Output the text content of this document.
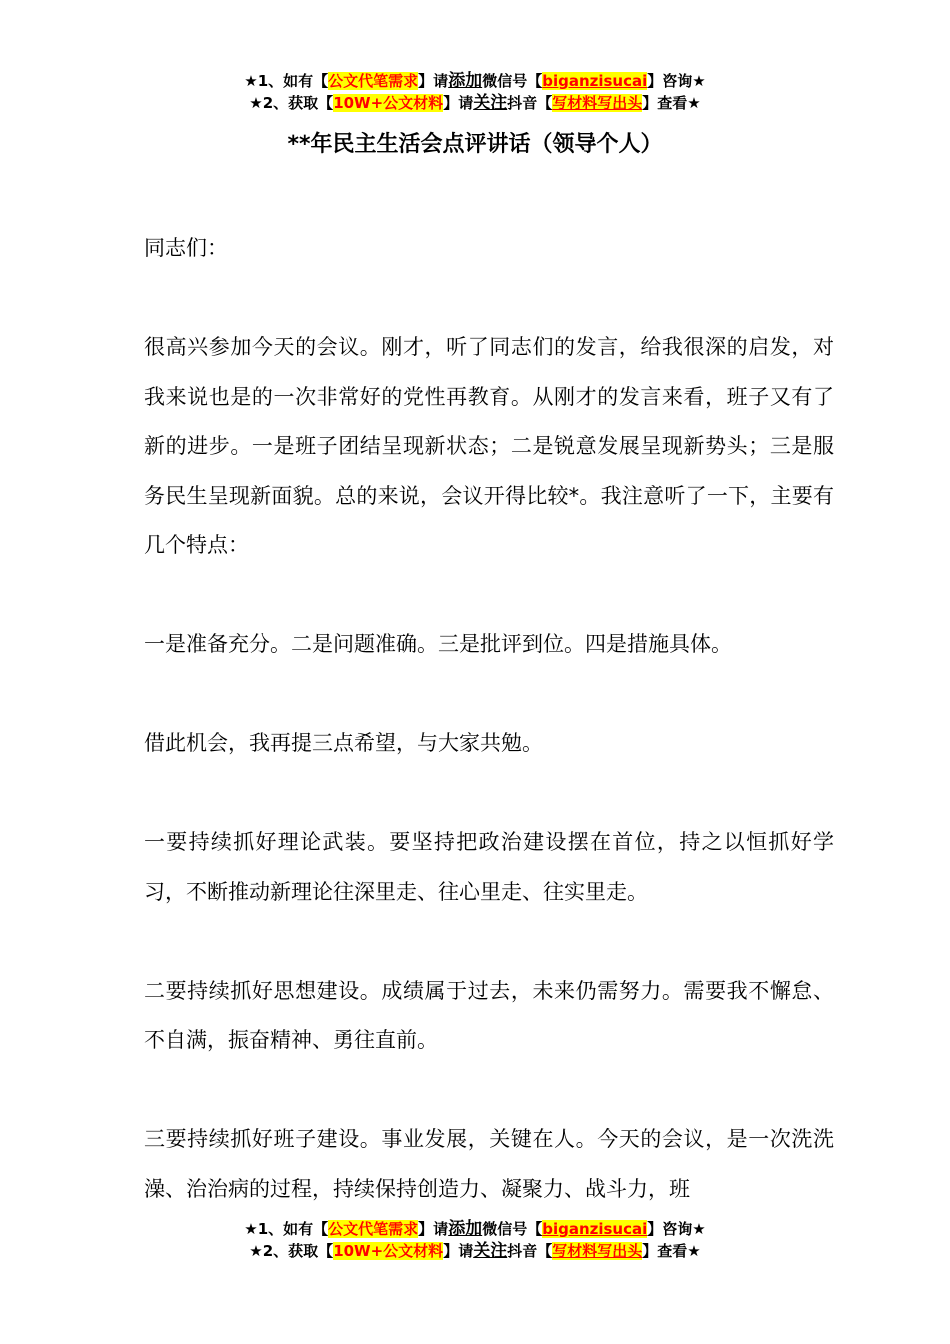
★1、如有【公文代笔需求】请添加微信号【biganzisucai】咨询★
★2、获取【10W+公文材料】请关注抖音【写材料写出头】查看★
**年民主生活会点评讲话（领导个人）

同志们：

很高兴参加今天的会议。刚才，听了同志们的发言，给我很深的启发，对我来说也是的一次非常好的党性再教育。从刚才的发言来看，班子又有了新的进步。一是班子团结呈现新状态；二是锐意发展呈现新势头；三是服务民生呈现新面貌。总的来说，会议开得比较*。我注意听了一下，主要有几个特点：

一是准备充分。二是问题准确。三是批评到位。四是措施具体。

借此机会，我再提三点希望，与大家共勉。

一要持续抓好理论武装。要坚持把政治建设摆在首位，持之以恒抓好学习，不断推动新理论往深里走、往心里走、往实里走。

二要持续抓好思想建设。成绩属于过去，未来仍需努力。需要我不懈怠、不自满，振奋精神、勇往直前。

三要持续抓好班子建设。事业发展，关键在人。今天的会议，是一次洗洗澡、治治病的过程，持续保持创造力、凝聚力、战斗力，班

★1、如有【公文代笔需求】请添加微信号【biganzisucai】咨询★
★2、获取【10W+公文材料】请关注抖音【写材料写出头】查看★
